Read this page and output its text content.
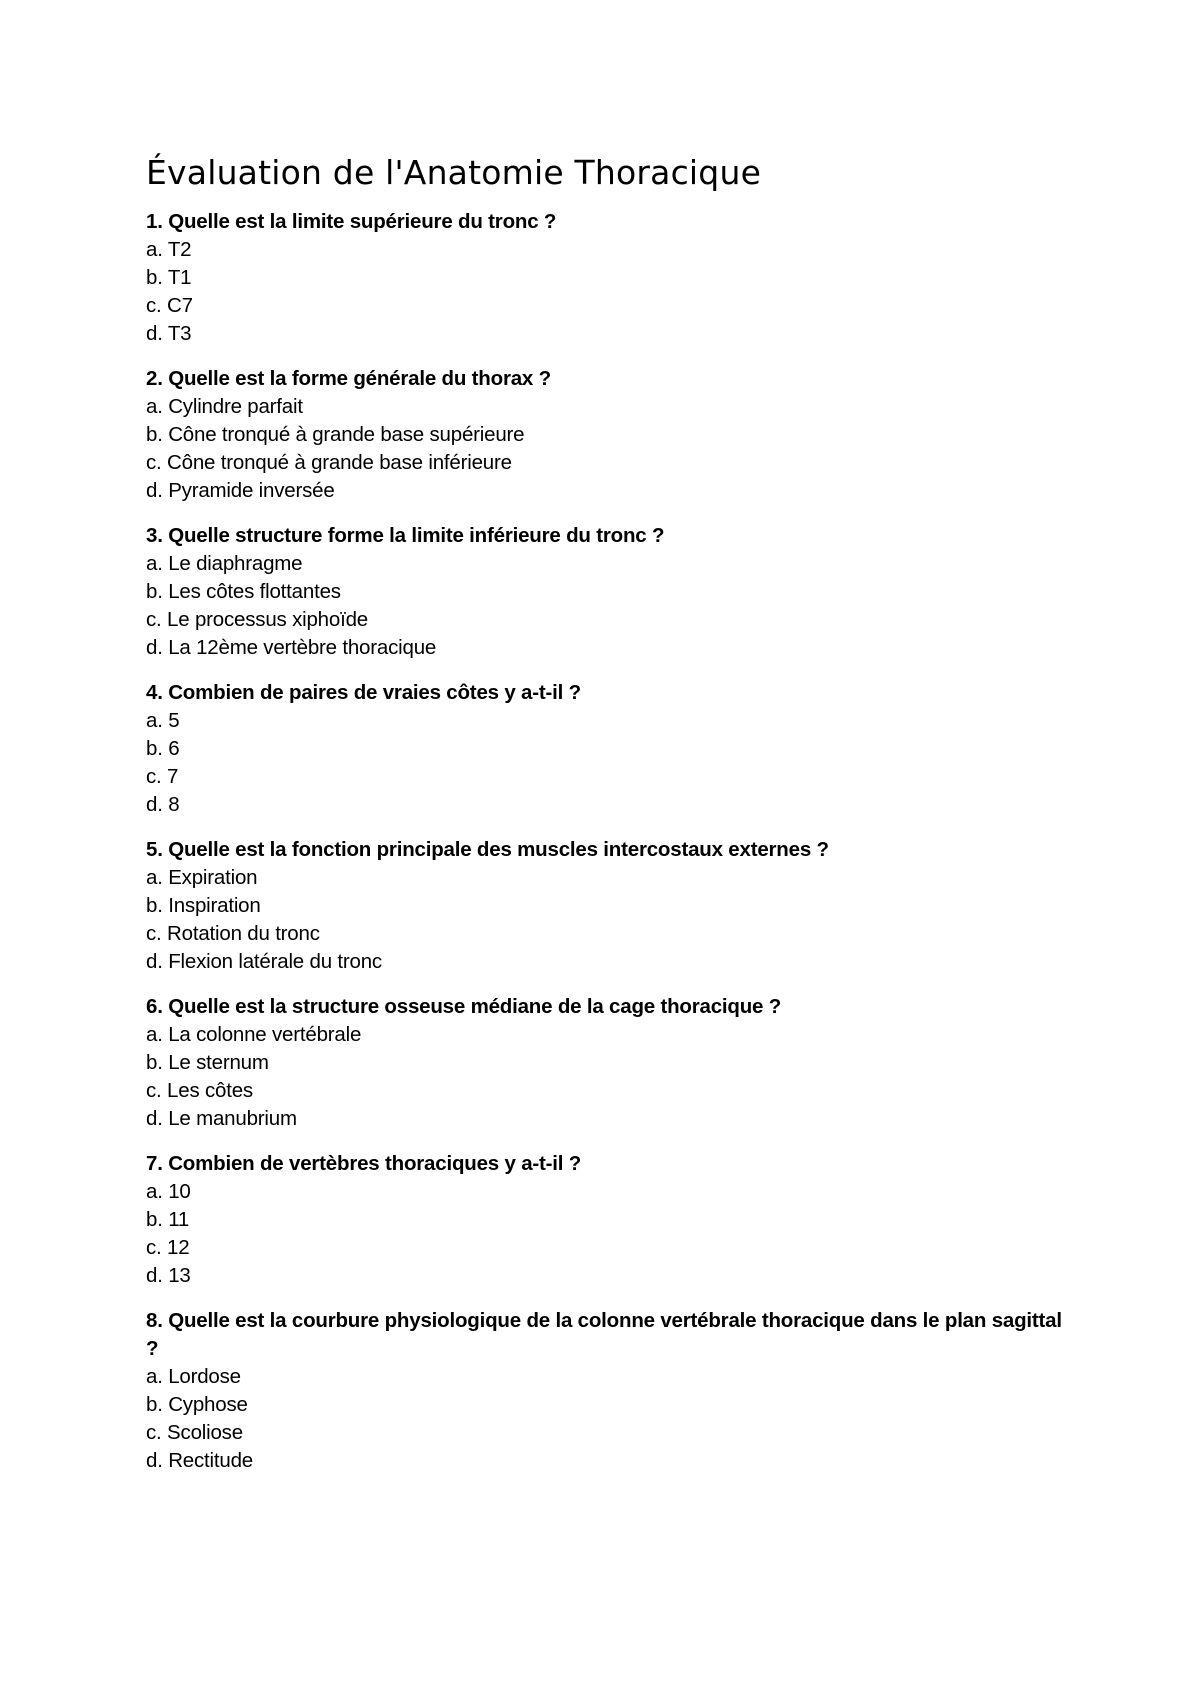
Évaluation de l'Anatomie Thoracique

1. Quelle est la limite supérieure du tronc ?

a. T2
b. T1
c. C7
d. T3

2. Quelle est la forme générale du thorax ?

a. Cylindre parfait
b. Cône tronqué à grande base supérieure
c. Cône tronqué à grande base inférieure
d. Pyramide inversée

3. Quelle structure forme la limite inférieure du tronc ?

a. Le diaphragme
b. Les côtes flottantes
c. Le processus xiphoïde
d. La 12ème vertèbre thoracique

4. Combien de paires de vraies côtes y a-t-il ?

a. 5
b. 6
c. 7
d. 8

5. Quelle est la fonction principale des muscles intercostaux externes ?

a. Expiration
b. Inspiration
c. Rotation du tronc
d. Flexion latérale du tronc

6. Quelle est la structure osseuse médiane de la cage thoracique ?

a. La colonne vertébrale
b. Le sternum
c. Les côtes
d. Le manubrium

7. Combien de vertèbres thoraciques y a-t-il ?

a. 10
b. 11
c. 12
d. 13

8. Quelle est la courbure physiologique de la colonne vertébrale thoracique dans le plan sagittal ?

a. Lordose
b. Cyphose
c. Scoliose
d. Rectitude
